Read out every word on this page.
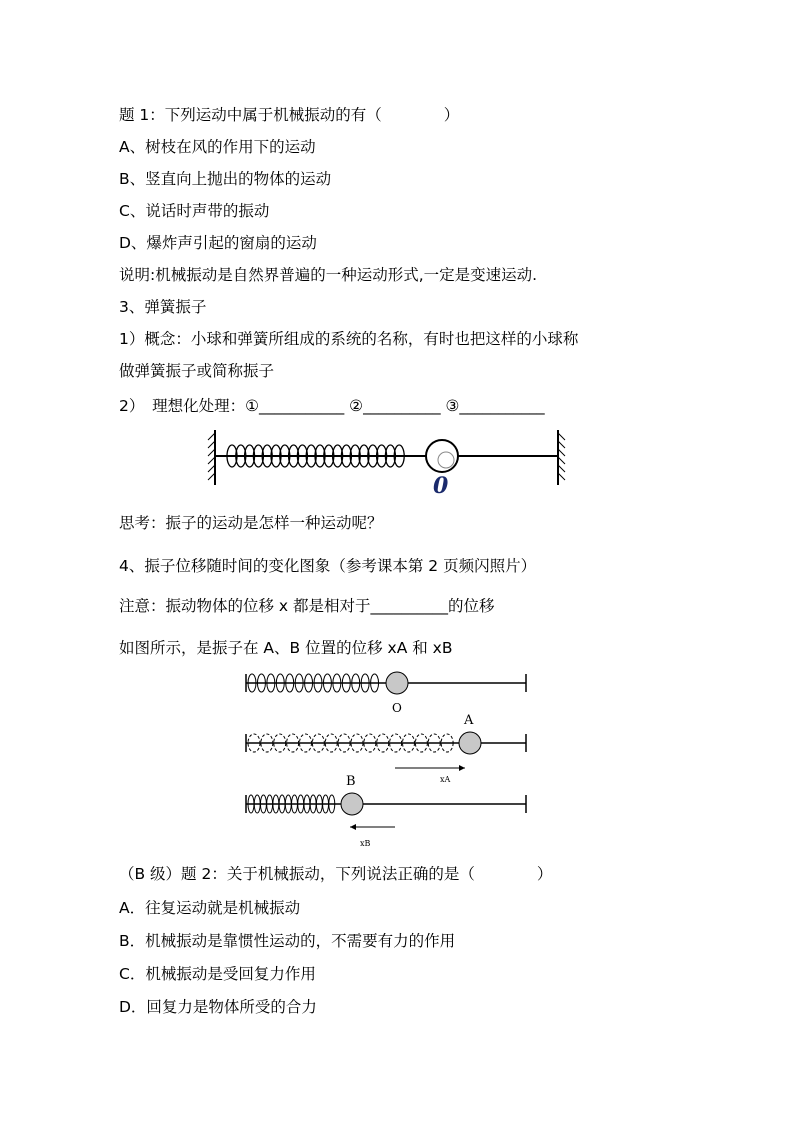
题 1：下列运动中属于机械振动的有（　　　　）
A、树枝在风的作用下的运动
B、竖直向上抛出的物体的运动
C、说话时声带的振动
D、爆炸声引起的窗扇的运动
说明:机械振动是自然界普遍的一种运动形式,一定是变速运动.
3、弹簧振子
1）概念：小球和弹簧所组成的系统的名称，有时也把这样的小球称
做弹簧振子或简称振子
2）　理想化处理：①___________ ②__________ ③___________
0
思考：振子的运动是怎样一种运动呢？
4、振子位移随时间的变化图象（参考课本第 2 页频闪照片）
注意：振动物体的位移 x 都是相对于__________的位移
如图所示，是振子在 A、B 位置的位移 xA 和 xB
O
A
xA
B
xB
（B 级）题 2：关于机械振动，下列说法正确的是（　　　　）
A．往复运动就是机械振动
B．机械振动是靠惯性运动的，不需要有力的作用
C．机械振动是受回复力作用
D．回复力是物体所受的合力
